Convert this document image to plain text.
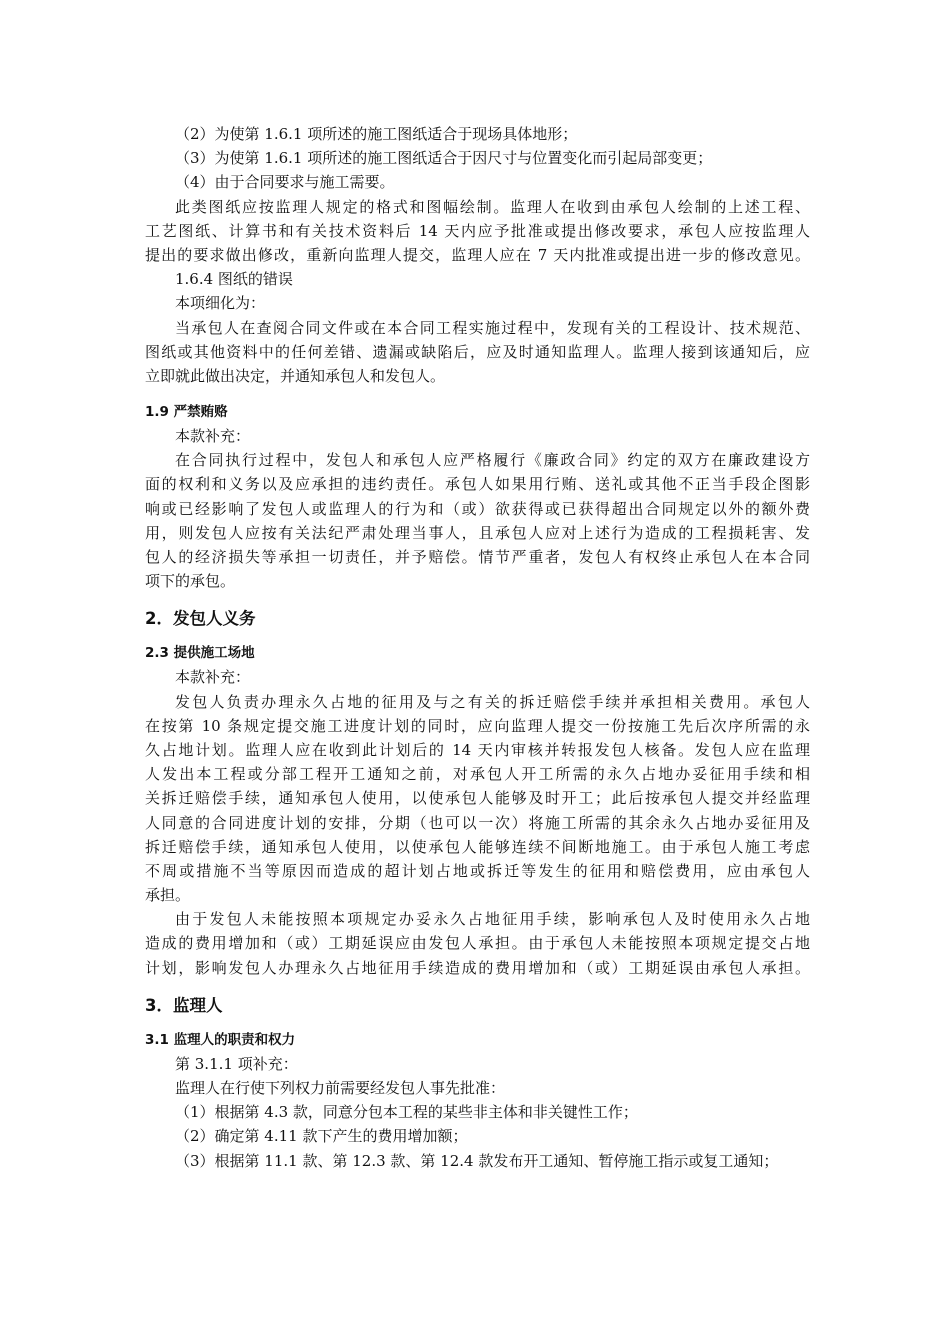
（2）为使第 1.6.1 项所述的施工图纸适合于现场具体地形；

（3）为使第 1.6.1 项所述的施工图纸适合于因尺寸与位置变化而引起局部变更；

（4）由于合同要求与施工需要。

此类图纸应按监理人规定的格式和图幅绘制。监理人在收到由承包人绘制的上述工程、

工艺图纸、计算书和有关技术资料后 14 天内应予批准或提出修改要求，承包人应按监理人

提出的要求做出修改，重新向监理人提交，监理人应在 7 天内批准或提出进一步的修改意见。

1.6.4 图纸的错误

本项细化为：

当承包人在查阅合同文件或在本合同工程实施过程中，发现有关的工程设计、技术规范、

图纸或其他资料中的任何差错、遗漏或缺陷后，应及时通知监理人。监理人接到该通知后，应

立即就此做出决定，并通知承包人和发包人。

1.9 严禁贿赂

本款补充：

在合同执行过程中，发包人和承包人应严格履行《廉政合同》约定的双方在廉政建设方

面的权利和义务以及应承担的违约责任。承包人如果用行贿、送礼或其他不正当手段企图影

响或已经影响了发包人或监理人的行为和（或）欲获得或已获得超出合同规定以外的额外费

用，则发包人应按有关法纪严肃处理当事人，且承包人应对上述行为造成的工程损耗害、发

包人的经济损失等承担一切责任，并予赔偿。情节严重者，发包人有权终止承包人在本合同

项下的承包。

2．发包人义务

2.3 提供施工场地

本款补充：

发包人负责办理永久占地的征用及与之有关的拆迁赔偿手续并承担相关费用。承包人

在按第 10 条规定提交施工进度计划的同时，应向监理人提交一份按施工先后次序所需的永

久占地计划。监理人应在收到此计划后的 14 天内审核并转报发包人核备。发包人应在监理

人发出本工程或分部工程开工通知之前，对承包人开工所需的永久占地办妥征用手续和相

关拆迁赔偿手续，通知承包人使用，以使承包人能够及时开工；此后按承包人提交并经监理

人同意的合同进度计划的安排，分期（也可以一次）将施工所需的其余永久占地办妥征用及

拆迁赔偿手续，通知承包人使用，以使承包人能够连续不间断地施工。由于承包人施工考虑

不周或措施不当等原因而造成的超计划占地或拆迁等发生的征用和赔偿费用，应由承包人

承担。

由于发包人未能按照本项规定办妥永久占地征用手续，影响承包人及时使用永久占地

造成的费用增加和（或）工期延误应由发包人承担。由于承包人未能按照本项规定提交占地

计划，影响发包人办理永久占地征用手续造成的费用增加和（或）工期延误由承包人承担。

3．监理人

3.1 监理人的职责和权力

第 3.1.1 项补充：

监理人在行使下列权力前需要经发包人事先批准：

（1）根据第 4.3 款，同意分包本工程的某些非主体和非关键性工作；

（2）确定第 4.11 款下产生的费用增加额；

（3）根据第 11.1 款、第 12.3 款、第 12.4 款发布开工通知、暂停施工指示或复工通知；
